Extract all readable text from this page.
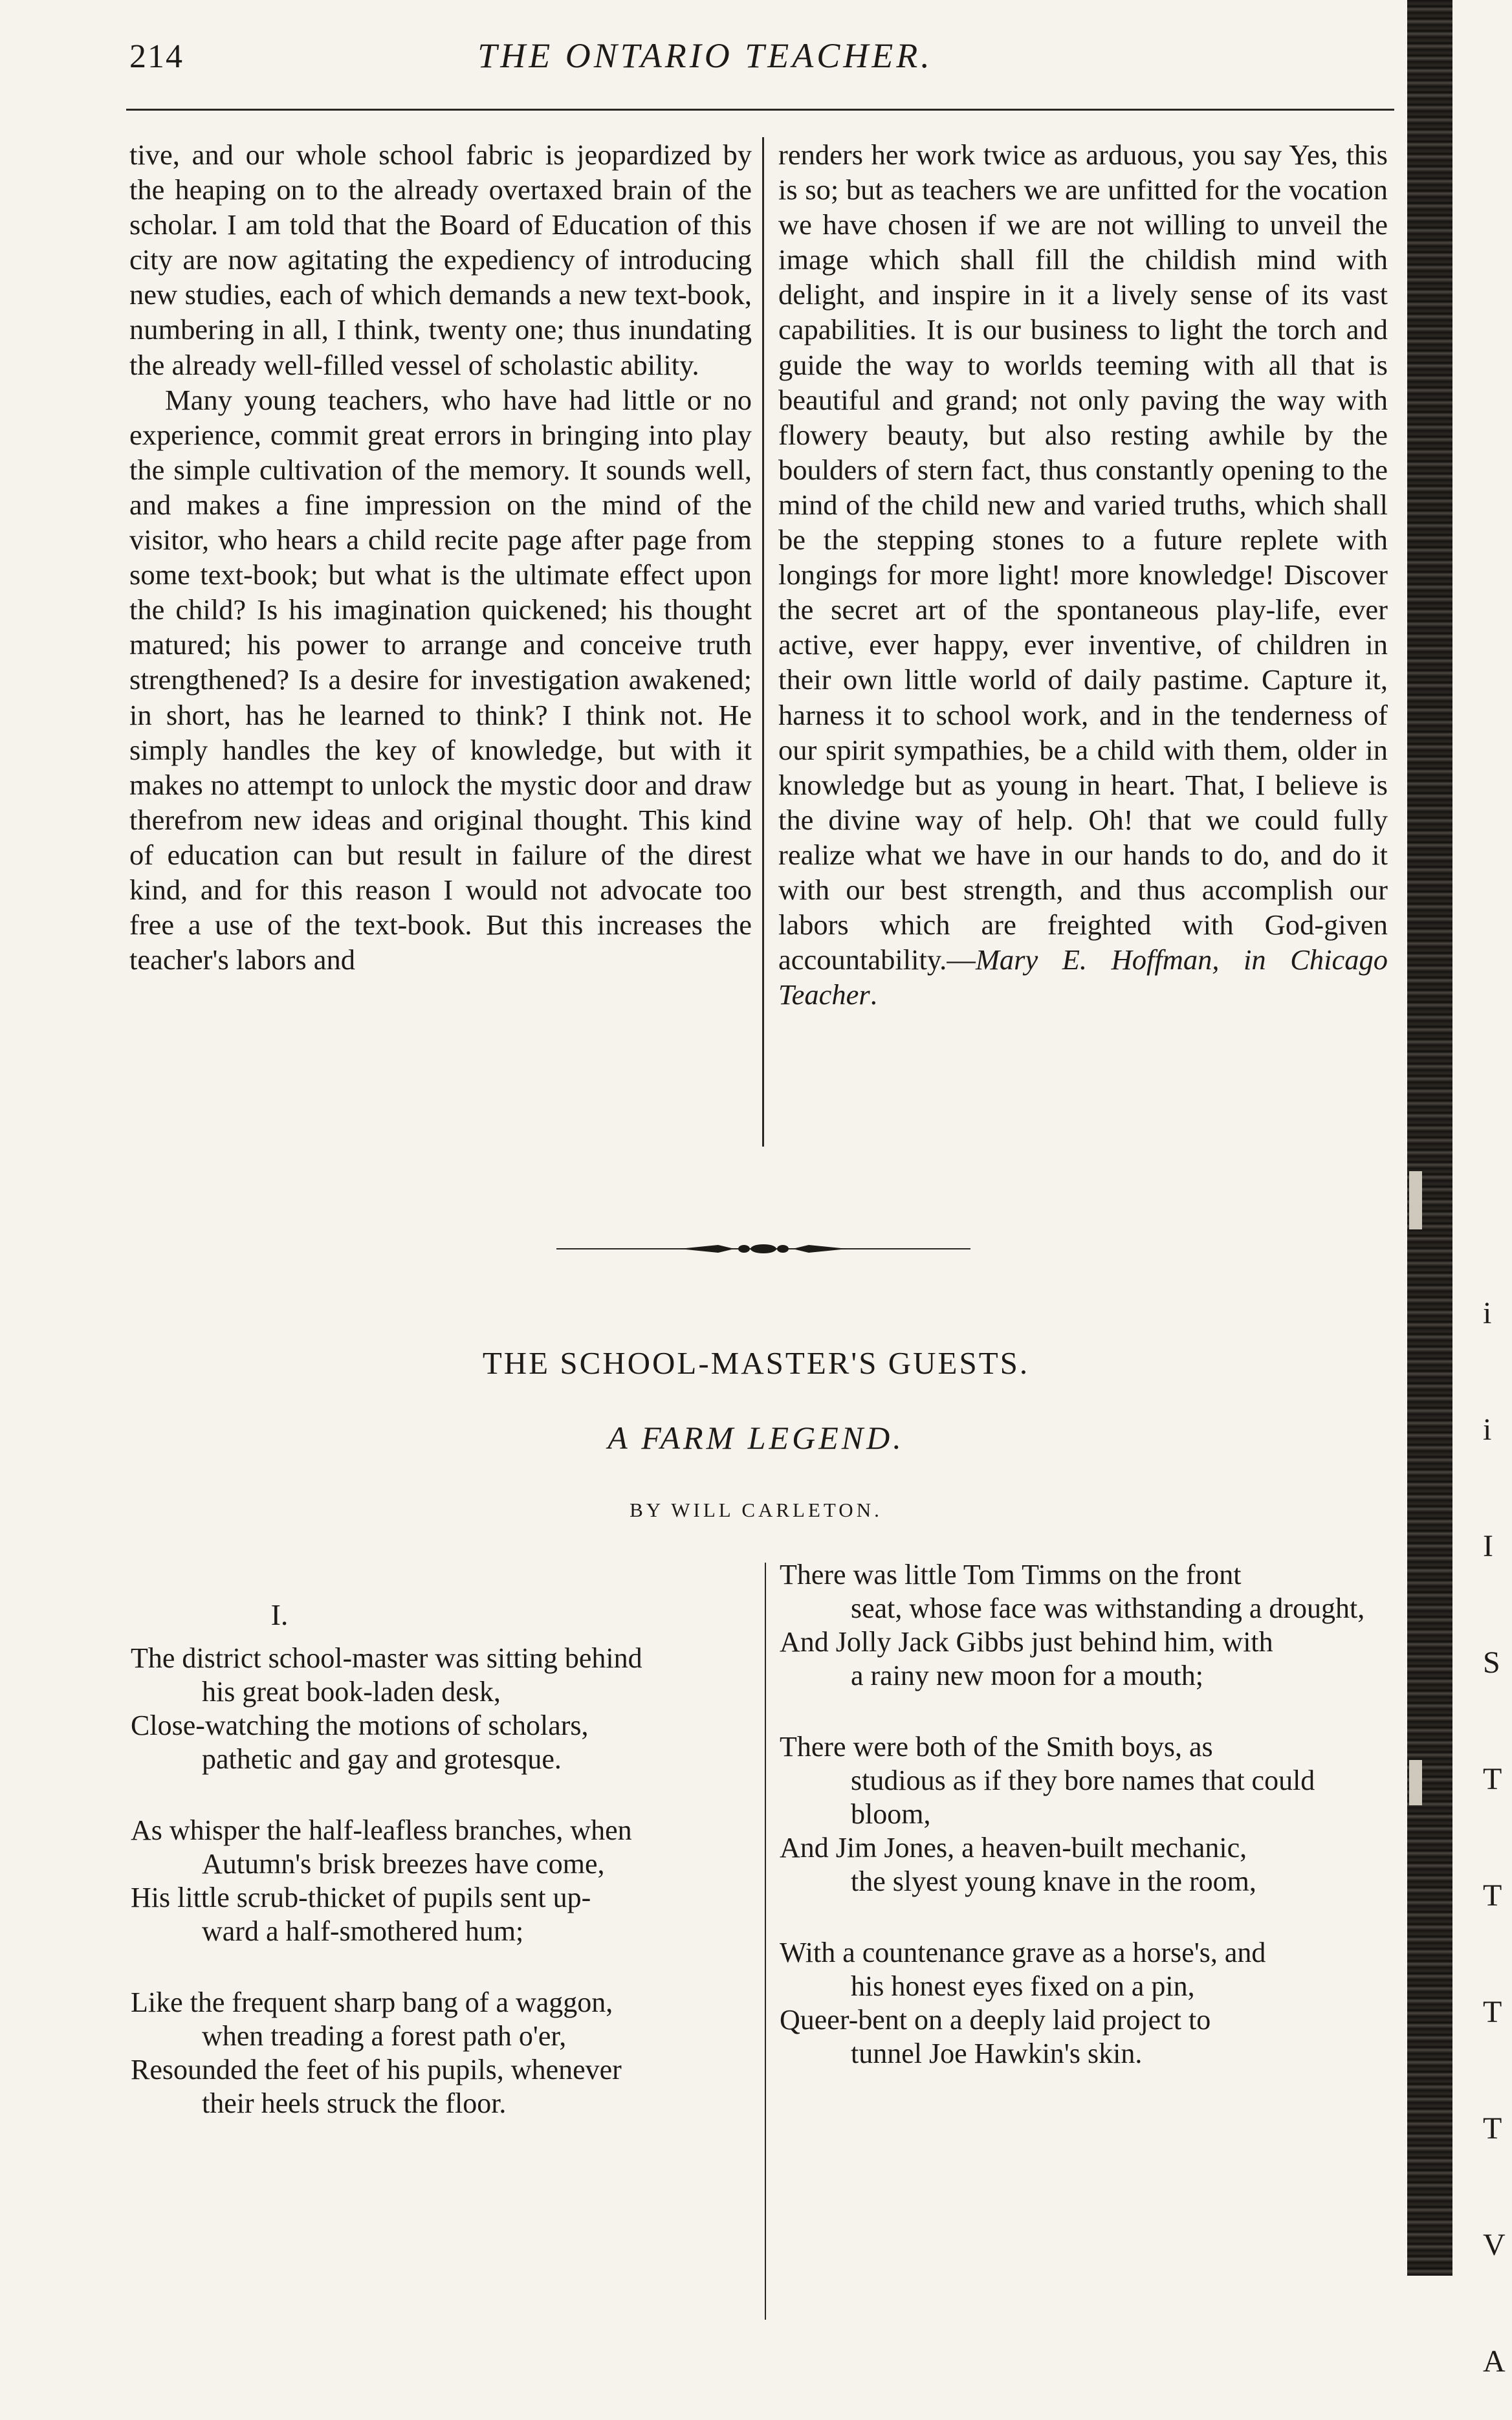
214	THE ONTARIO TEACHER.

tive, and our whole school fabric is jeopardized by the heaping on to the already overtaxed brain of the scholar. I am told that the Board of Education of this city are now agitating the expediency of introducing new studies, each of which demands a new text-book, numbering in all, I think, twenty one; thus inundating the already well-filled vessel of scholastic ability.

Many young teachers, who have had little or no experience, commit great errors in bringing into play the simple cultivation of the memory. It sounds well, and makes a fine impression on the mind of the visitor, who hears a child recite page after page from some text-book; but what is the ultimate effect upon the child? Is his imagination quickened; his thought matured; his power to arrange and conceive truth strengthened? Is a desire for investigation awakened; in short, has he learned to think? I think not. He simply handles the key of knowledge, but with it makes no attempt to unlock the mystic door and draw therefrom new ideas and original thought. This kind of education can but result in failure of the direst kind, and for this reason I would not advocate too free a use of the text-book. But this increases the teacher's labors and

renders her work twice as arduous, you say Yes, this is so; but as teachers we are unfitted for the vocation we have chosen if we are not willing to unveil the image which shall fill the childish mind with delight, and inspire in it a lively sense of its vast capabilities. It is our business to light the torch and guide the way to worlds teeming with all that is beautiful and grand; not only paving the way with flowery beauty, but also resting awhile by the boulders of stern fact, thus constantly opening to the mind of the child new and varied truths, which shall be the stepping stones to a future replete with longings for more light! more knowledge! Discover the secret art of the spontaneous play-life, ever active, ever happy, ever inventive, of children in their own little world of daily pastime. Capture it, harness it to school work, and in the tenderness of our spirit sympathies, be a child with them, older in knowledge but as young in heart. That, I believe is the divine way of help. Oh! that we could fully realize what we have in our hands to do, and do it with our best strength, and thus accomplish our labors which are freighted with God-given accountability.—Mary E. Hoffman, in Chicago Teacher.

THE SCHOOL-MASTER'S GUESTS.
A FARM LEGEND.
BY WILL CARLETON.
I.
The district school-master was sitting behind
his great book-laden desk,
Close-watching the motions of scholars,
pathetic and gay and grotesque.
As whisper the half-leafless branches, when
Autumn's brisk breezes have come,
His little scrub-thicket of pupils sent up-
ward a half-smothered hum;
Like the frequent sharp bang of a waggon,
when treading a forest path o'er,
Resounded the feet of his pupils, whenever
their heels struck the floor.
There was little Tom Timms on the front
seat, whose face was withstanding a drought,
And Jolly Jack Gibbs just behind him, with
a rainy new moon for a mouth;
There were both of the Smith boys, as
studious as if they bore names that could bloom,
And Jim Jones, a heaven-built mechanic,
the slyest young knave in the room,
With a countenance grave as a horse's, and
his honest eyes fixed on a pin,
Queer-bent on a deeply laid project to
tunnel Joe Hawkin's skin.
i
i
I
S
T
T
T
T
V
A
